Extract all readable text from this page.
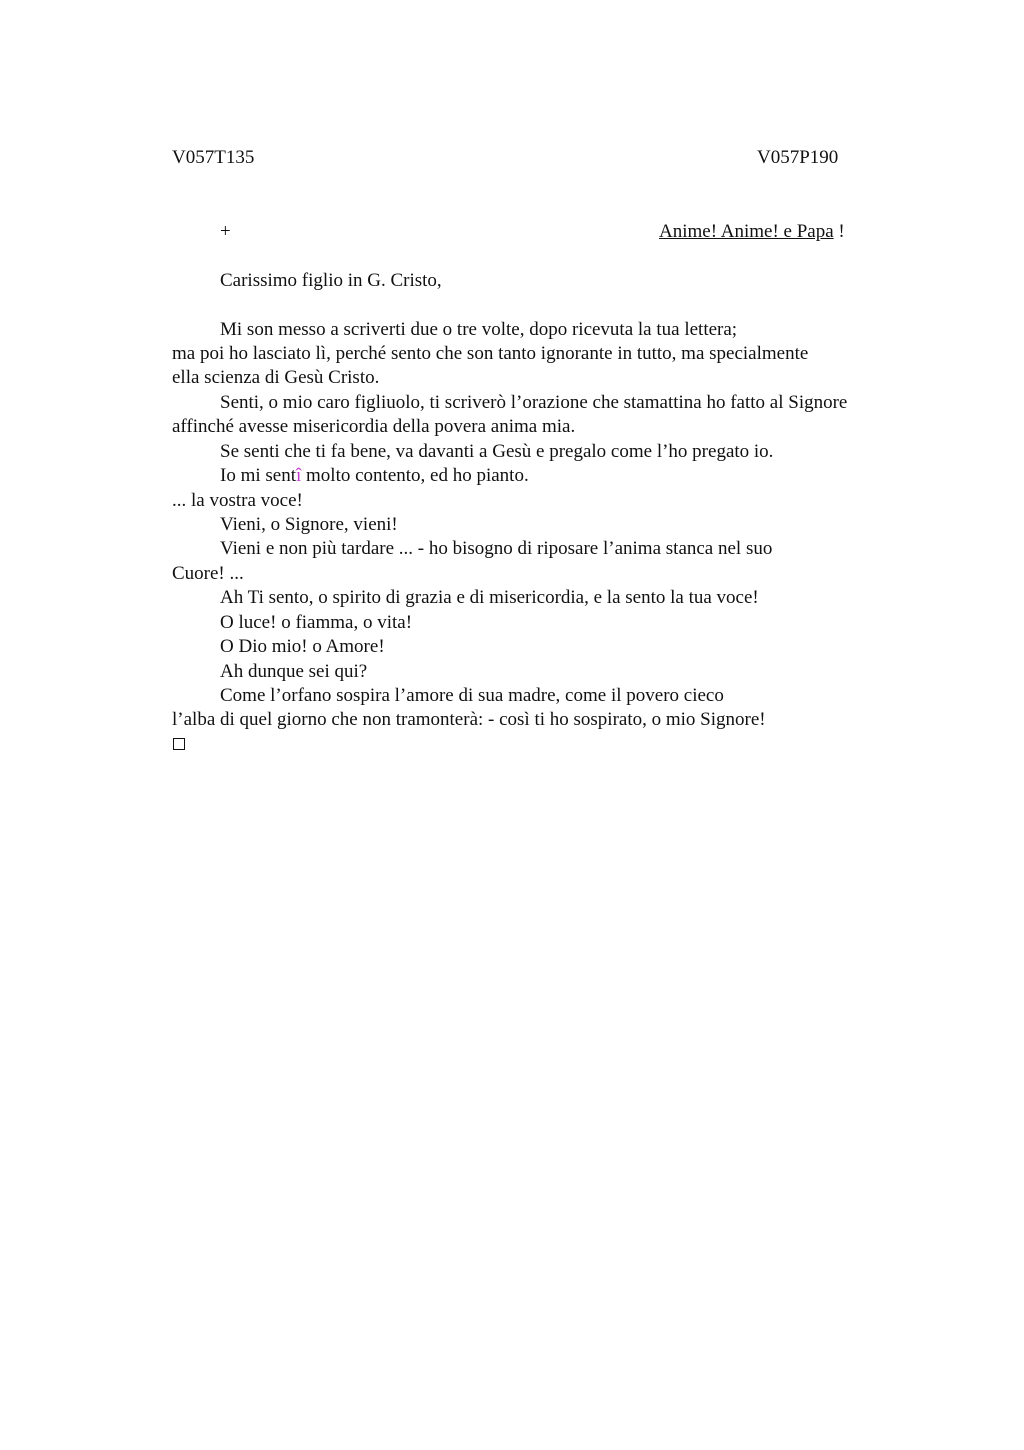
V057T135	V057P190
+	Anime! Anime! e Papa !
Carissimo figlio in G. Cristo,
Mi son messo a scriverti due o tre volte, dopo ricevuta la tua lettera;
ma poi ho lasciato lì, perché sento che son tanto ignorante in tutto, ma specialmente
ella scienza di Gesù Cristo.
Senti, o mio caro figliuolo, ti scriverò l’orazione che stamattina ho fatto al Signore
affinché avesse misericordia della povera anima mia.
Se senti che ti fa bene, va davanti a Gesù e pregalo come l’ho pregato io.
Io mi sentî molto contento, ed ho pianto.
... la vostra voce!
Vieni, o Signore, vieni!
Vieni e non più tardare ... - ho bisogno di riposare l’anima stanca nel suo
Cuore! ...
Ah Ti sento, o spirito di grazia e di misericordia, e la sento la tua voce!
O luce! o fiamma, o vita!
O Dio mio! o Amore!
Ah dunque sei qui?
Come l’orfano sospira l’amore di sua madre, come il povero cieco
l’alba di quel giorno che non tramonterà: - così ti ho sospirato, o mio Signore!
